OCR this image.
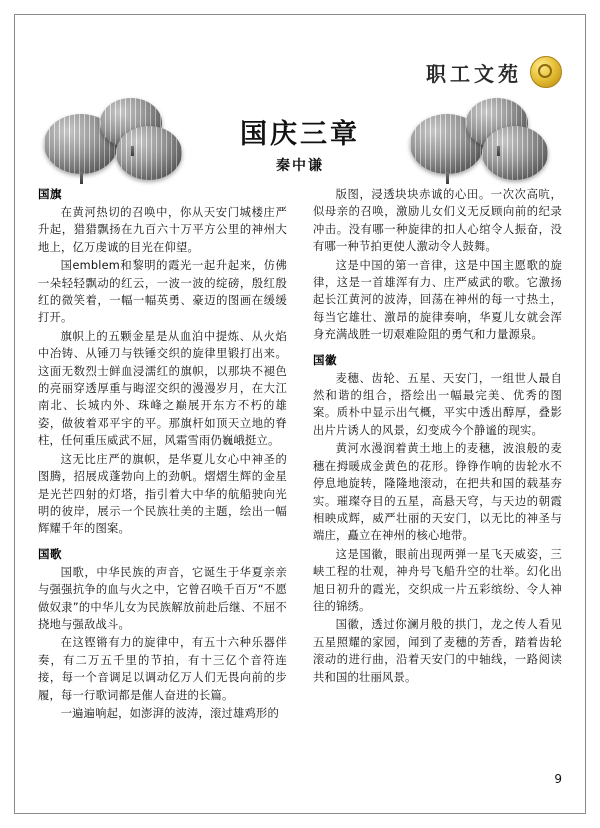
职工文苑
国庆三章
秦中谦
国旗

在黄河热切的召唤中，你从天安门城楼庄严升起，猎猎飘扬在九百六十万平方公里的神州大地上，亿万虔诚的目光在仰望。

国emblem和黎明的霞光一起升起来，仿佛一朵轻轻飘动的红云，一波一波的绽磅，殷红殷红的微笑着，一幅一幅英勇、豪迈的图画在缓缓打开。

旗帜上的五颗金星是从血泊中提炼、从火焰中冶铸、从锤刀与铁锤交织的旋律里锻打出来。这面无数烈士鲜血浸濡红的旗帜，以那块不褪色的亮丽穿透厚重与晦涩交织的漫漫岁月，在大江南北、长城内外、珠峰之巅展开东方不朽的雄姿，做彼着邓平宇的平。那旗杆如顶天立地的脊柱，任何重压威武不屈，风霜雪雨仍巍峨挺立。

这无比庄严的旗帜，是华夏儿女心中神圣的图腾，招展成蓬勃向上的劲帆。熠熠生辉的金星是光芒四射的灯塔，指引着大中华的航船驶向光明的彼岸，展示一个民族壮美的主题，绘出一幅辉耀千年的图案。

国歌

国歌，中华民族的声音，它诞生于华夏亲亲与强强抗争的血与火之中，它曾召唤千百万“不愿做奴隶”的中华儿女为民族解放前赴后继、不屈不挠地与强敌战斗。

在这铿锵有力的旋律中，有五十六种乐器伴奏，有二万五千里的节拍，有十三亿个音符连接，每一个音调足以调动亿万人们无畏向前的步履，每一行歌词都是催人奋进的长篇。

一遍遍响起，如澎湃的波涛，滚过雄鸡形的

版图，浸透块块赤诚的心田。一次次高吭，似母亲的召唤，激励儿女们义无反顾向前的纪录冲击。没有哪一种旋律的扣人心绾令人振奋，没有哪一种节拍更使人激动令人鼓舞。

这是中国的第一音律，这是中国主愿歌的旋律，这是一首雄浑有力、庄严威武的歌。它激扬起长江黄河的波涛，回荡在神州的每一寸热土，每当它雄壮、激昂的旋律奏响，华夏儿女就会浑身充满战胜一切艰难险阻的勇气和力量源泉。

国徽

麦穗、齿轮、五星、天安门，一组世人最自然和谐的组合，搭绘出一幅最完美、优秀的图案。质朴中显示出气概，平实中透出醇厚，叠影出片片诱人的风景，幻变成今个静谧的现实。

黄河水漫润着黄土地上的麦穗，波浪般的麦穗在拇暖成金黄色的花形。铮铮作响的齿轮水不停息地旋转，隆隆地滚动，在把共和国的载基夯实。璀璨夺目的五星，高悬天穹，与天边的朝霞相映成辉，威严壮丽的天安门，以无比的神圣与端庄，矗立在神州的核心地带。

这是国徽，眼前出现两弹一星飞天威姿，三峡工程的壮观，神舟号飞船升空的壮举。幻化出旭日初升的霞光，交织成一片五彩缤纷、令人神往的锦绣。

国徽，透过你澜月般的拱门，龙之传人看见五星照耀的家园，闻到了麦穗的芳香，踏着齿轮滚动的进行曲，沿着天安门的中轴线，一路阅读共和国的壮丽风景。

9
